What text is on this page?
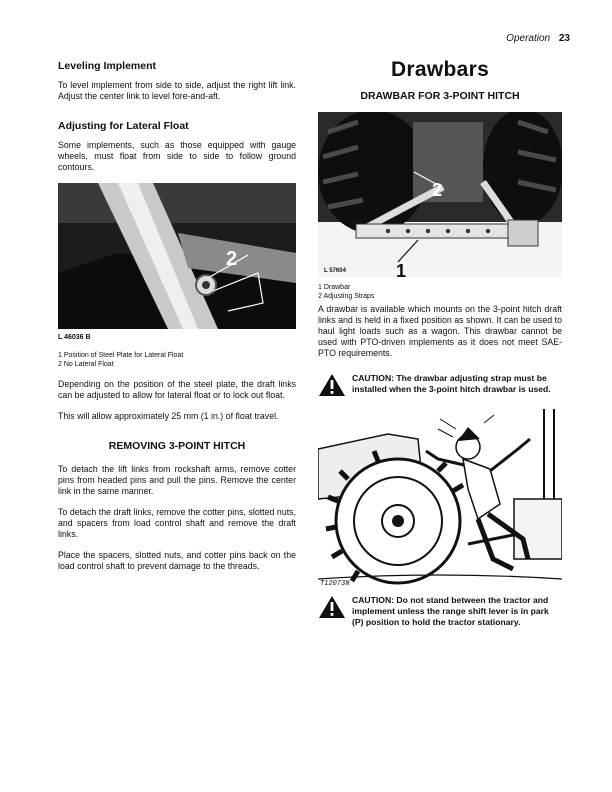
Operation 23
Leveling Implement

To level implement from side to side, adjust the right lift link. Adjust the center link to level fore-and-aft.

Adjusting for Lateral Float

Some implements, such as those equipped with gauge wheels, must float from side to side to follow ground contours.

2
L 46036 B
1 Position of Steel Plate for Lateral Float
2 No Lateral Float

Depending on the position of the steel plate, the draft links can be adjusted to allow for lateral float or to lock out float.

This will allow approximately 25 mm (1 in.) of float travel.

REMOVING 3-POINT HITCH

To detach the lift links from rockshaft arms, remove cotter pins from headed pins and pull the pins. Remove the center link in the same manner.

To detach the draft links, remove the cotter pins, slotted nuts, and spacers from load control shaft and remove the draft links.

Place the spacers, slotted nuts, and cotter pins back on the load control shaft to prevent damage to the threads.

Drawbars
DRAWBAR FOR 3-POINT HITCH
2
1
L 57604
1 Drawbar
2 Adjusting Straps

A drawbar is available which mounts on the 3-point hitch draft links and is held in a fixed position as shown. It can be used to haul light loads such as a wagon. This drawbar cannot be used with PTO-driven implements as it does not meet SAE-PTO requirements.

CAUTION: The drawbar adjusting strap must be installed when the 3-point hitch drawbar is used.
T12073N
CAUTION: Do not stand between the tractor and implement unless the range shift lever is in park (P) position to hold the tractor stationary.
